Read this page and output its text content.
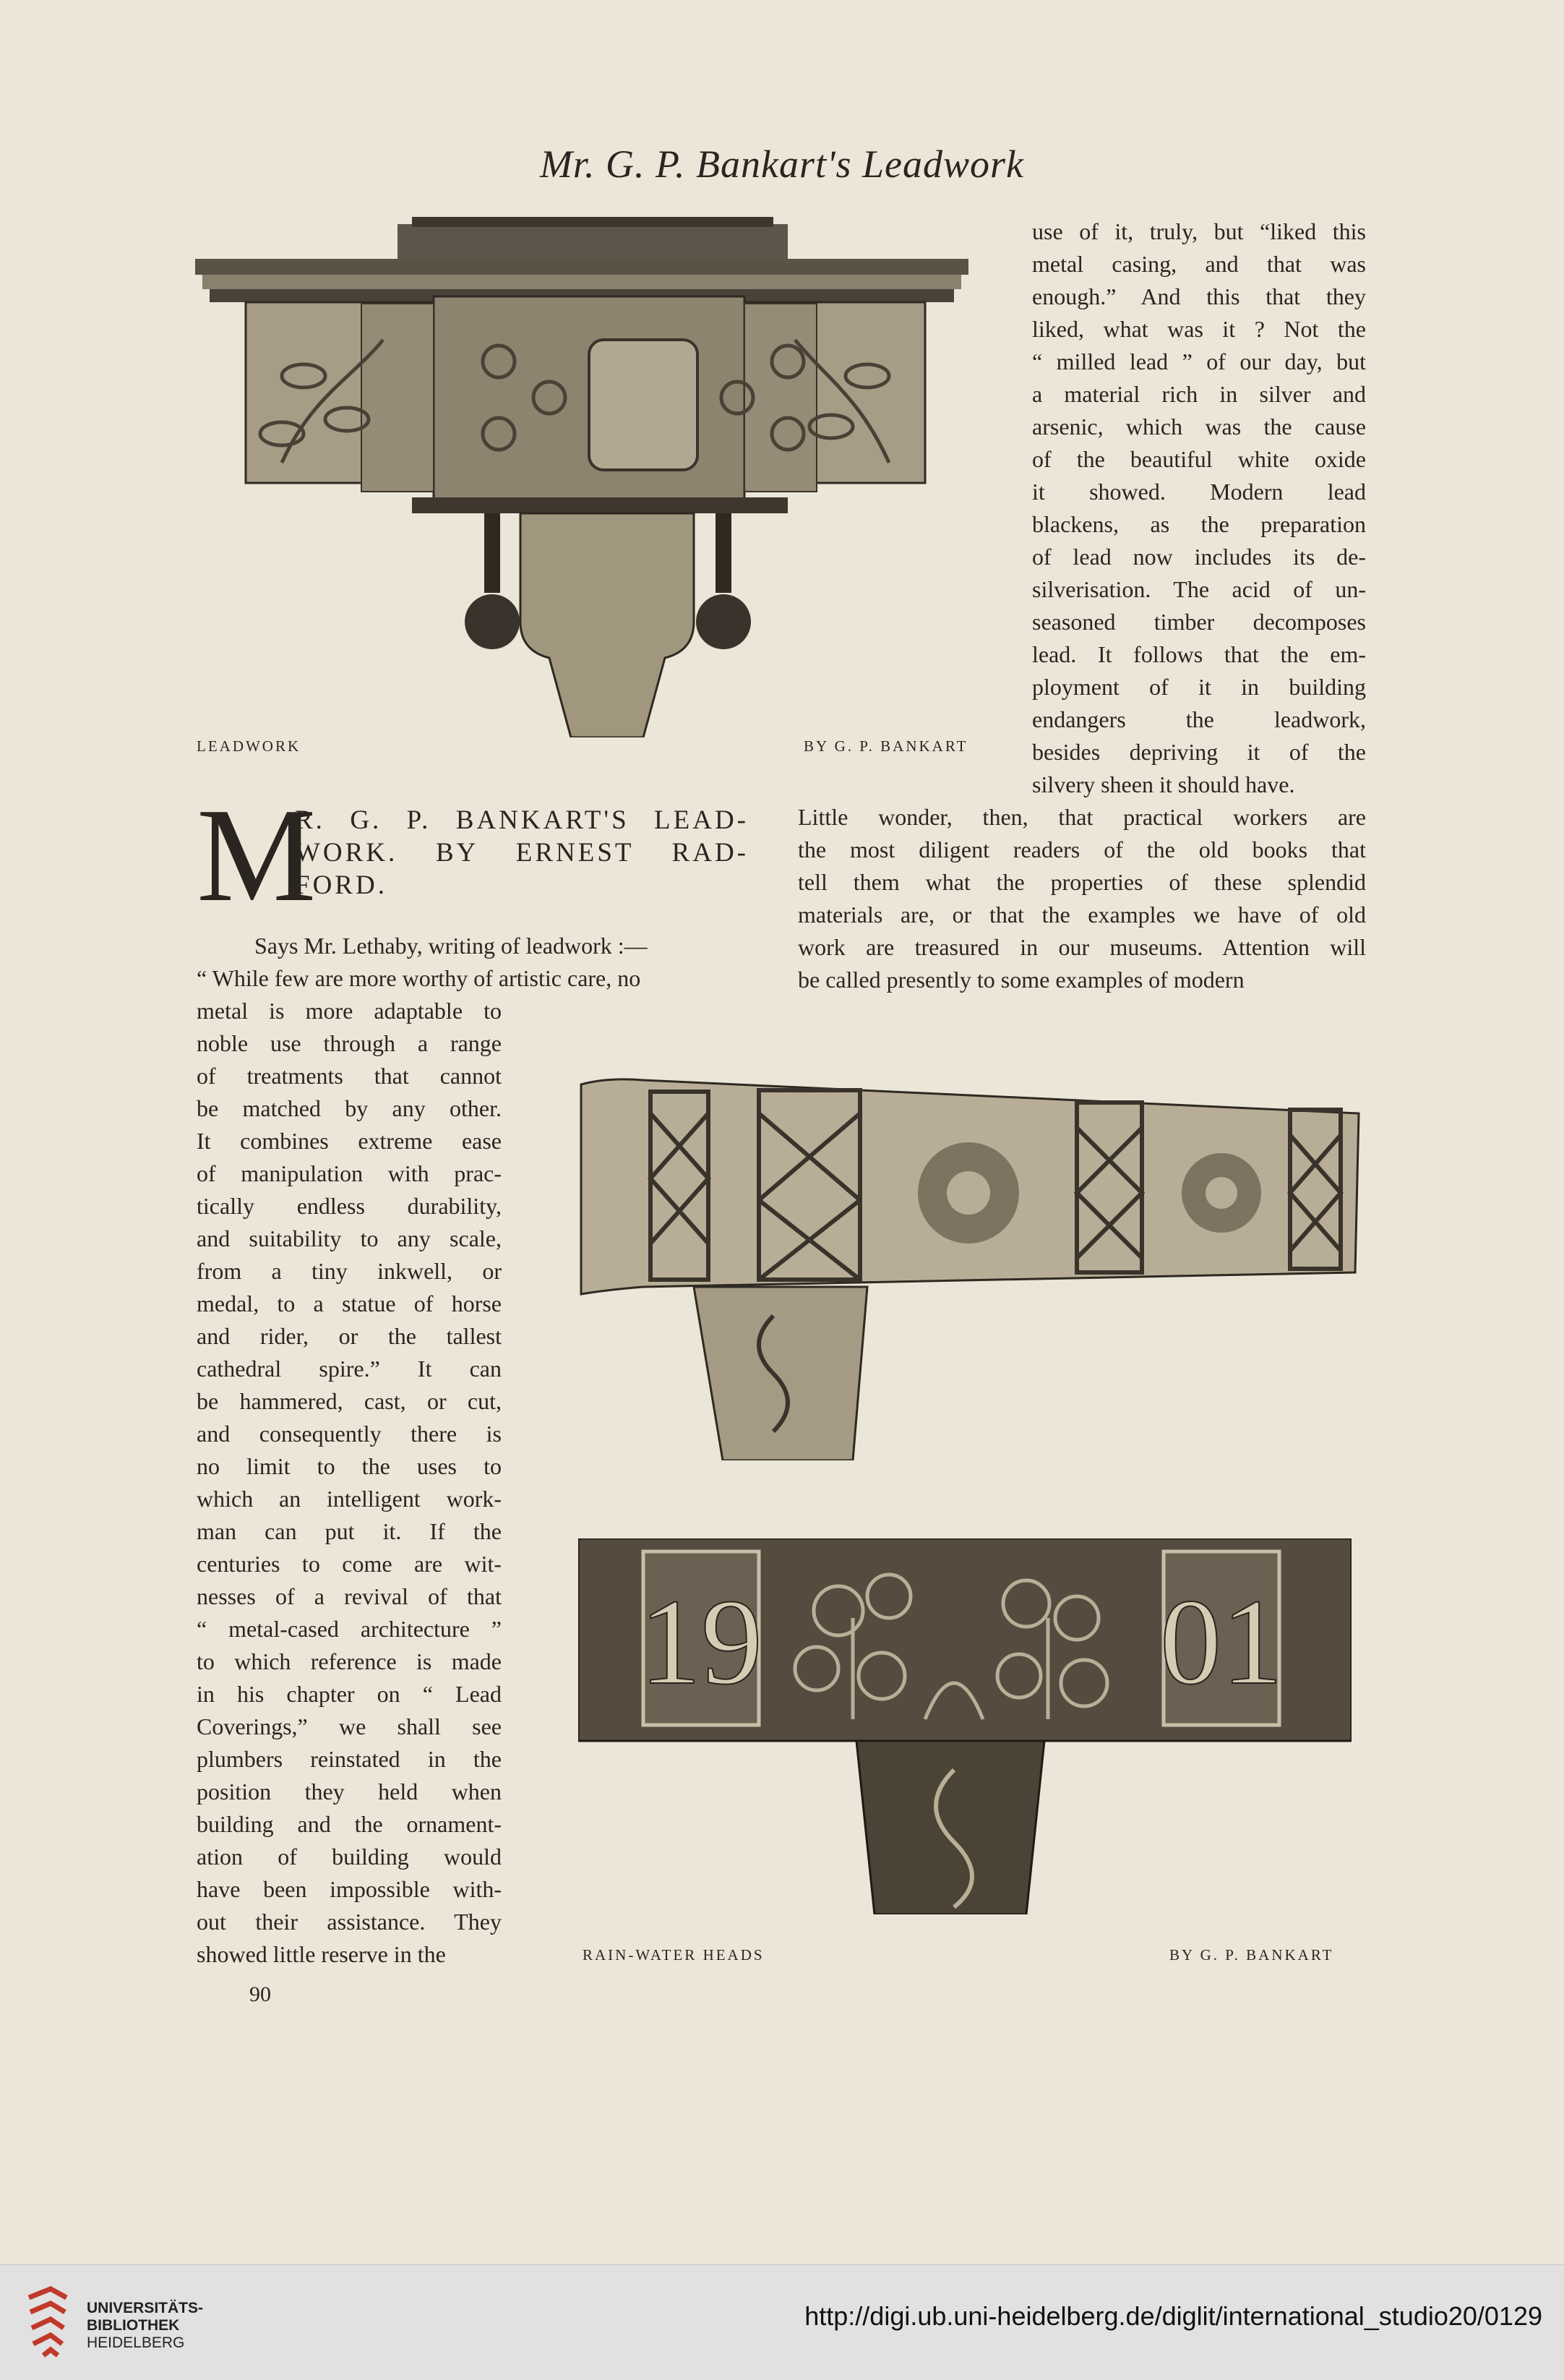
Mr. G. P. Bankart's Leadwork
LEADWORK	BY G. P. BANKART
use of it, truly, but “liked this
metal casing, and that was
enough.” And this that they
liked, what was it ? Not the
“ milled lead ” of our day, but
a material rich in silver and
arsenic, which was the cause
of the beautiful white oxide
it showed. Modern lead
blackens, as the preparation
of lead now includes its de-
silverisation. The acid of un-
seasoned timber decomposes
lead. It follows that the em-
ployment of it in building
endangers the leadwork,
besides depriving it of the
silvery sheen it should have.
M
R. G. P. BANKART'S LEAD-
WORK. BY ERNEST RAD-
FORD.
Says Mr. Lethaby, writing of leadwork :—
“ While few are more worthy of artistic care, no
Little wonder, then, that practical workers are
the most diligent readers of the old books that
tell them what the properties of these splendid
materials are, or that the examples we have of old
work are treasured in our museums. Attention will
be called presently to some examples of modern
metal is more adaptable to
noble use through a range
of treatments that cannot
be matched by any other.
It combines extreme ease
of manipulation with prac-
tically endless durability,
and suitability to any scale,
from a tiny inkwell, or
medal, to a statue of horse
and rider, or the tallest
cathedral spire.” It can
be hammered, cast, or cut,
and consequently there is
no limit to the uses to
which an intelligent work-
man can put it. If the
centuries to come are wit-
nesses of a revival of that
“ metal-cased architecture ”
to which reference is made
in his chapter on “ Lead
Coverings,” we shall see
plumbers reinstated in the
position they held when
building and the ornament-
ation of building would
have been impossible with-
out their assistance. They
showed little reserve in the
19	01
RAIN-WATER HEADS	BY G. P. BANKART
90
UNIVERSITÄTS-
BIBLIOTHEK
HEIDELBERG
http://digi.ub.uni-heidelberg.de/diglit/international_studio20/0129
